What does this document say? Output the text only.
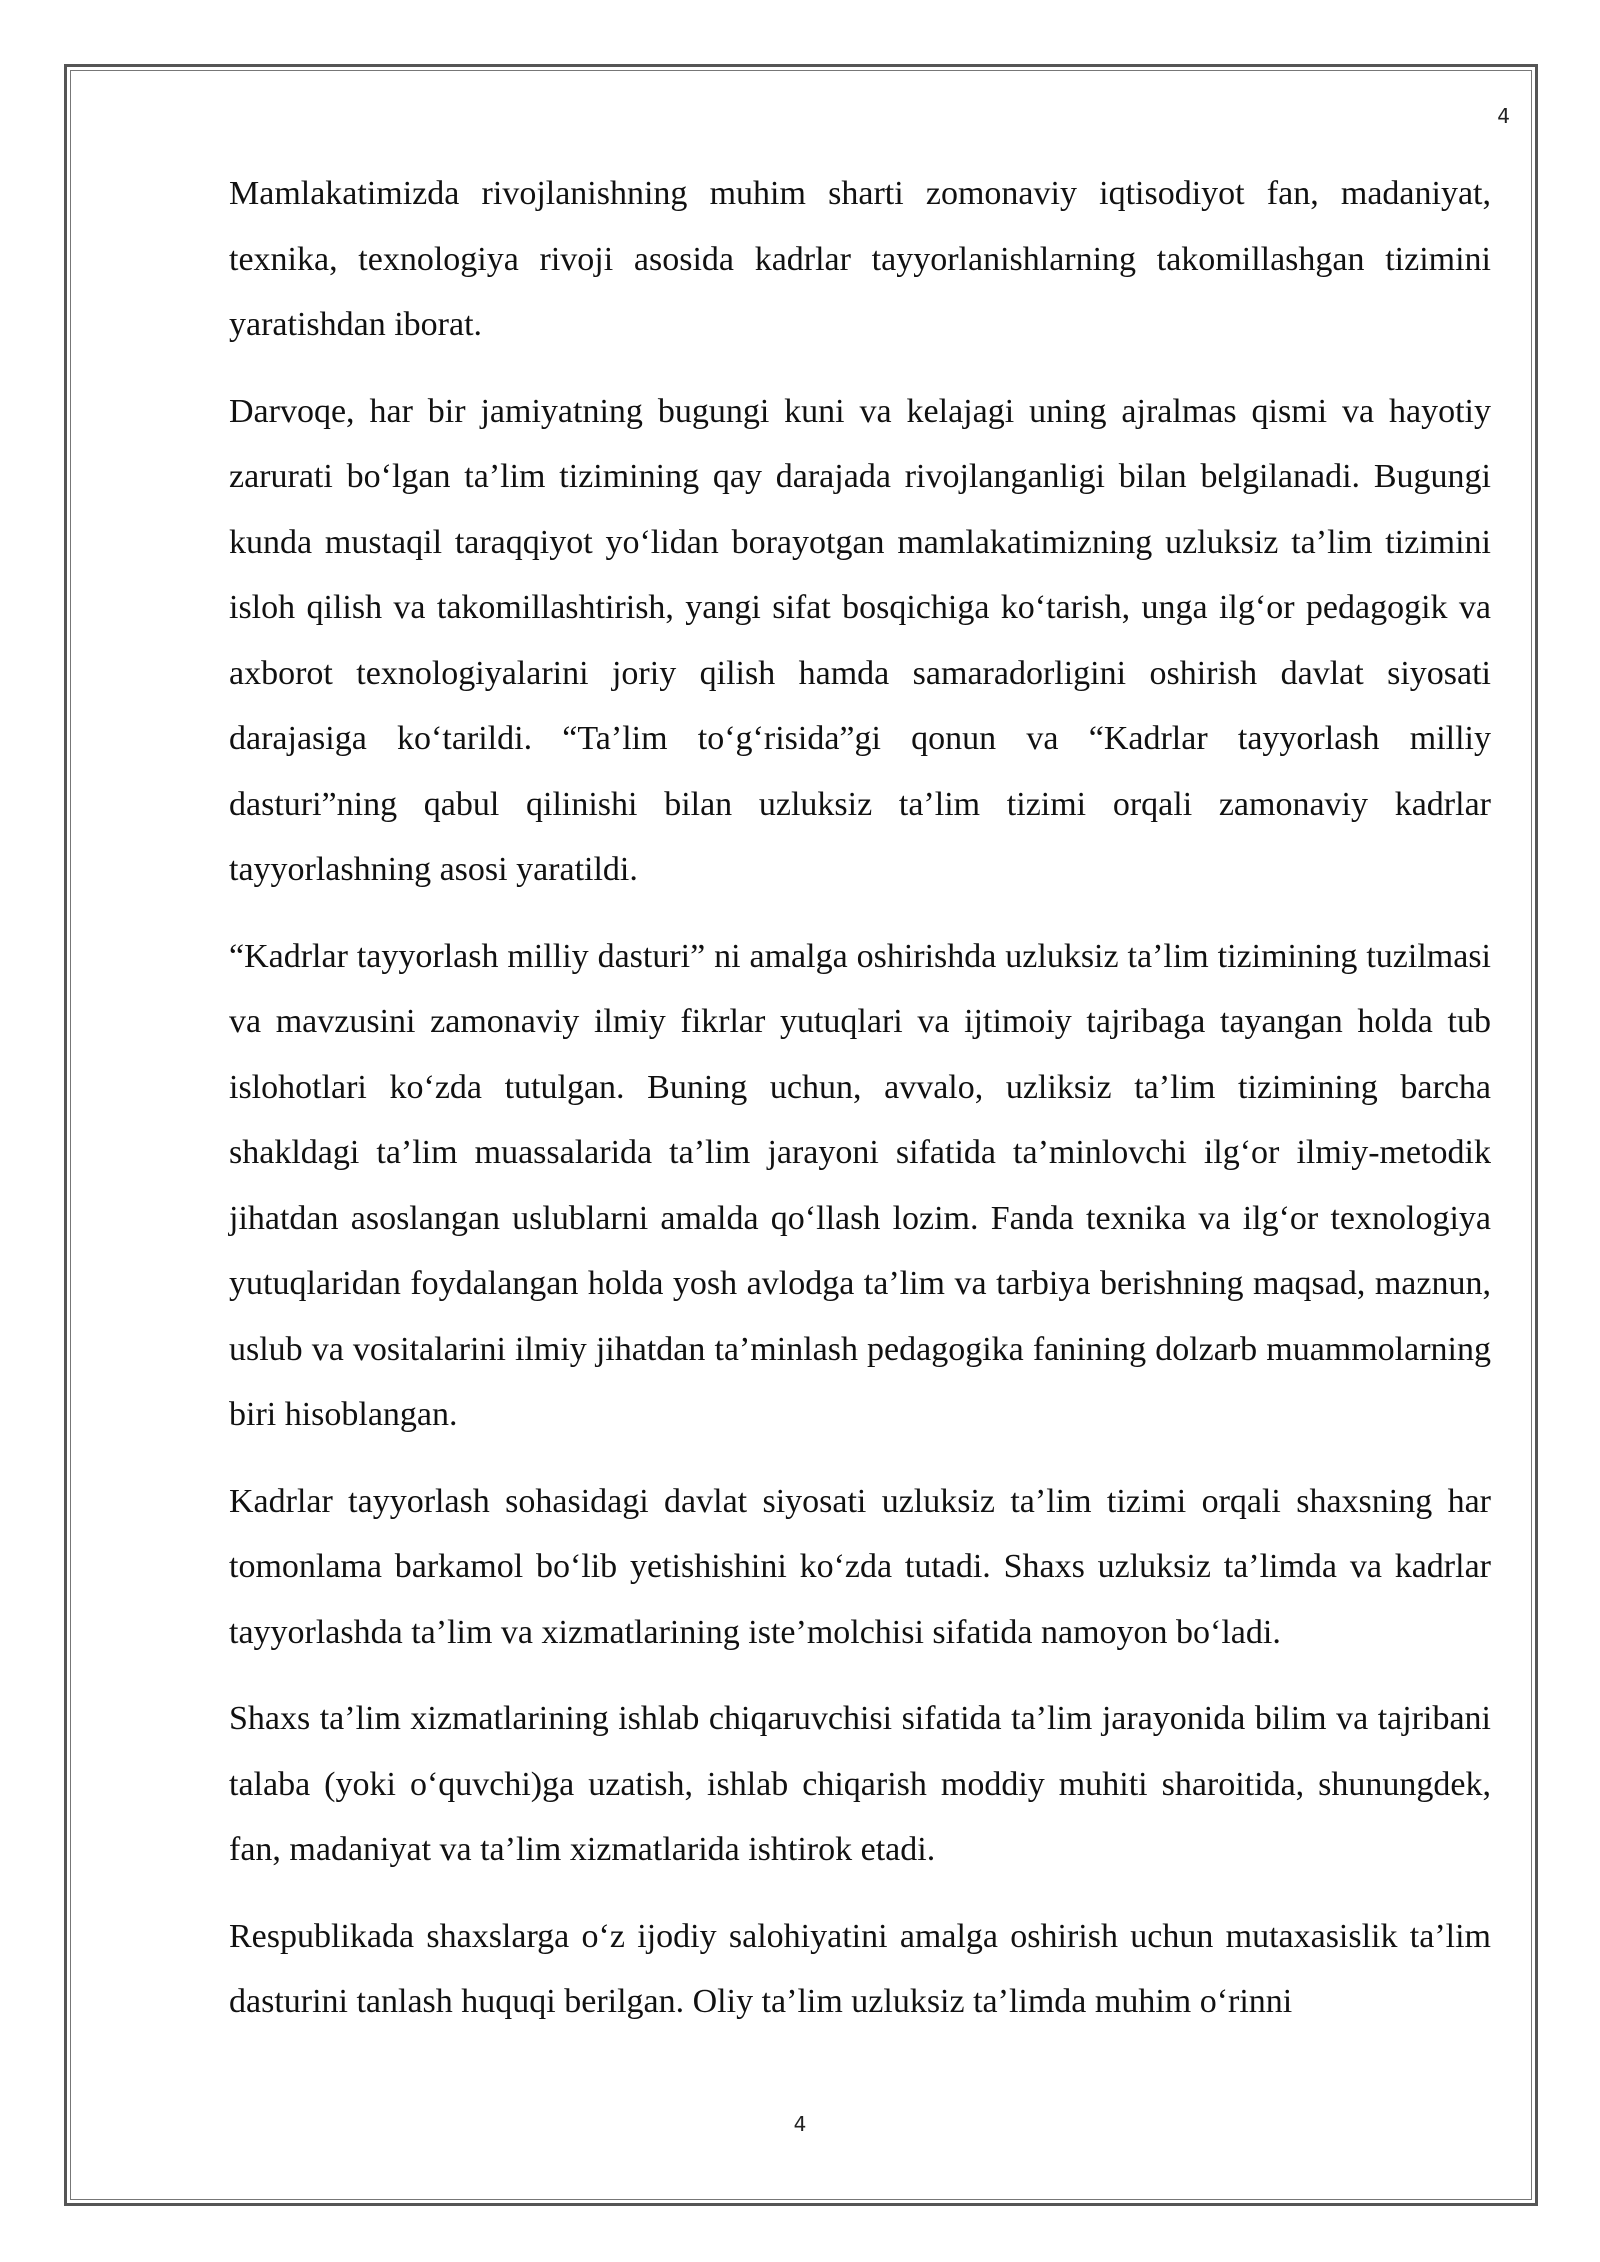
4

Mamlakatimizda rivojlanishning muhim sharti zomonaviy iqtisodiyot fan, madaniyat, texnika, texnologiya rivoji asosida kadrlar tayyorlanishlarning takomillashgan tizimini yaratishdan iborat.

Darvoqe, har bir jamiyatning bugungi kuni va kelajagi uning ajralmas qismi va hayotiy zarurati bo‘lgan ta’lim tizimining qay darajada rivojlanganligi bilan belgilanadi. Bugungi kunda mustaqil taraqqiyot yo‘lidan borayotgan mamlakatimizning uzluksiz ta’lim tizimini isloh qilish va takomillashtirish, yangi sifat bosqichiga ko‘tarish, unga ilg‘or pedagogik va axborot texnologiyalarini joriy qilish hamda samaradorligini oshirish davlat siyosati darajasiga ko‘tarildi. “Ta’lim to‘g‘risida”gi qonun va “Kadrlar tayyorlash milliy dasturi”ning qabul qilinishi bilan uzluksiz ta’lim tizimi orqali zamonaviy kadrlar tayyorlashning asosi yaratildi.

“Kadrlar tayyorlash milliy dasturi” ni amalga oshirishda uzluksiz ta’lim tizimining tuzilmasi va mavzusini zamonaviy ilmiy fikrlar yutuqlari va ijtimoiy tajribaga tayangan holda tub islohotlari ko‘zda tutulgan. Buning uchun, avvalo, uzliksiz ta’lim tizimining barcha shakldagi ta’lim muassalarida ta’lim jarayoni sifatida ta’minlovchi ilg‘or ilmiy-metodik jihatdan asoslangan uslublarni amalda qo‘llash lozim. Fanda texnika va ilg‘or texnologiya yutuqlaridan foydalangan holda yosh avlodga ta’lim va tarbiya berishning maqsad, maznun, uslub va vositalarini ilmiy jihatdan ta’minlash pedagogika fanining dolzarb muammolarning biri hisoblangan.

Kadrlar tayyorlash sohasidagi davlat siyosati uzluksiz ta’lim tizimi orqali shaxsning har tomonlama barkamol bo‘lib yetishishini ko‘zda tutadi. Shaxs uzluksiz ta’limda va kadrlar tayyorlashda ta’lim va xizmatlarining iste’molchisi sifatida namoyon bo‘ladi.

Shaxs ta’lim xizmatlarining ishlab chiqaruvchisi sifatida ta’lim jarayonida bilim va tajribani talaba (yoki o‘quvchi)ga uzatish, ishlab chiqarish moddiy muhiti sharoitida, shunungdek, fan, madaniyat va ta’lim xizmatlarida ishtirok etadi.

Respublikada shaxslarga o‘z ijodiy salohiyatini amalga oshirish uchun mutaxasislik ta’lim dasturini tanlash huquqi berilgan. Oliy ta’lim uzluksiz ta’limda muhim o‘rinni

4
